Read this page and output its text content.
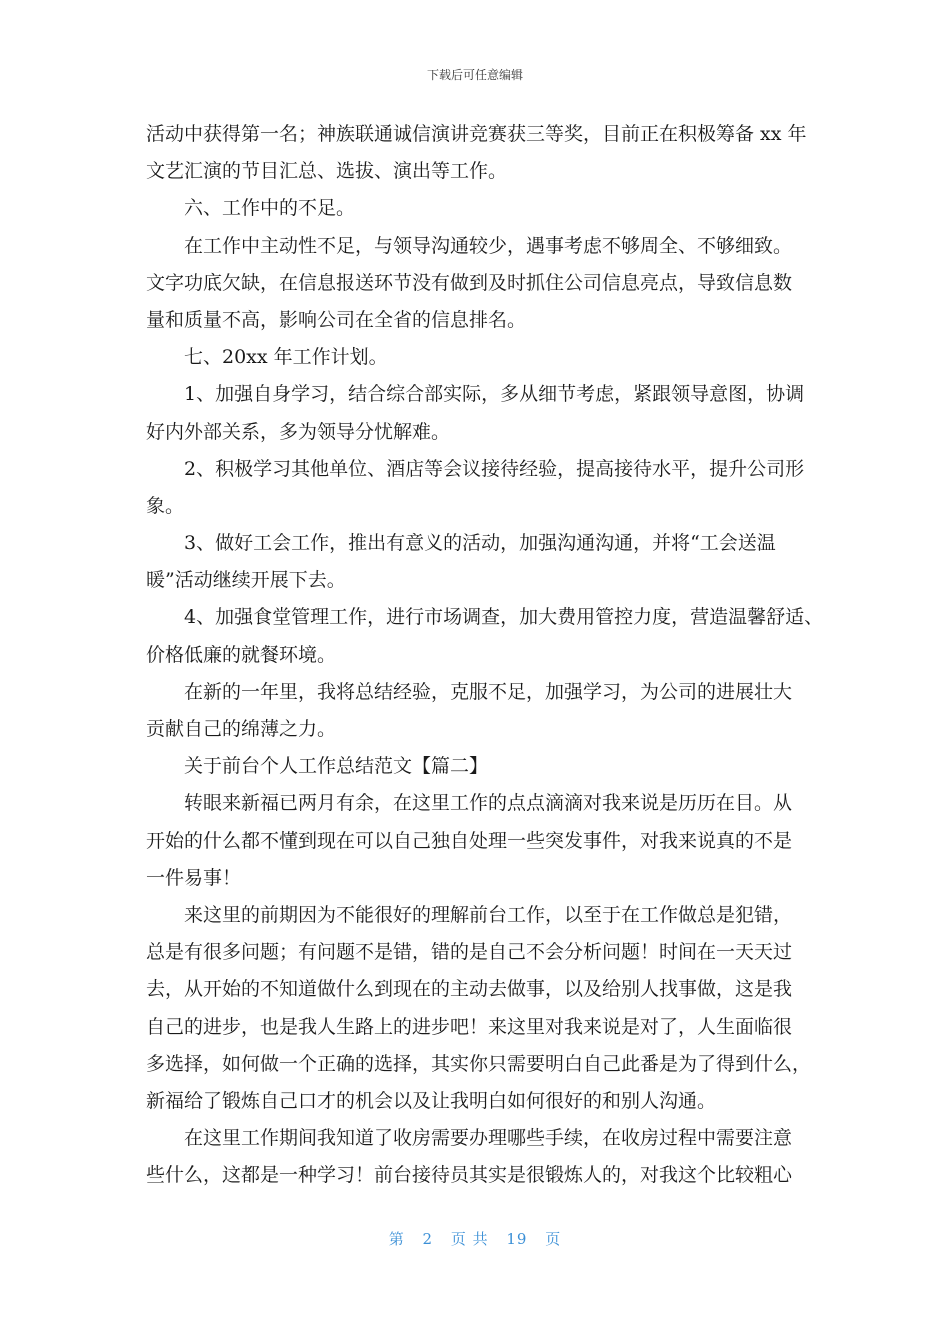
下载后可任意编辑
活动中获得第一名；神族联通诚信演讲竞赛获三等奖，目前正在积极筹备 xx 年
文艺汇演的节目汇总、选拔、演出等工作。
六、工作中的不足。
在工作中主动性不足，与领导沟通较少，遇事考虑不够周全、不够细致。
文字功底欠缺，在信息报送环节没有做到及时抓住公司信息亮点，导致信息数
量和质量不高，影响公司在全省的信息排名。
七、20xx 年工作计划。
1、加强自身学习，结合综合部实际，多从细节考虑，紧跟领导意图，协调
好内外部关系，多为领导分忧解难。
2、积极学习其他单位、酒店等会议接待经验，提高接待水平，提升公司形
象。
3、做好工会工作，推出有意义的活动，加强沟通沟通，并将“工会送温
暖”活动继续开展下去。
4、加强食堂管理工作，进行市场调查，加大费用管控力度，营造温馨舒适、
价格低廉的就餐环境。
在新的一年里，我将总结经验，克服不足，加强学习，为公司的进展壮大
贡献自己的绵薄之力。
关于前台个人工作总结范文【篇二】
转眼来新福已两月有余，在这里工作的点点滴滴对我来说是历历在目。从
开始的什么都不懂到现在可以自己独自处理一些突发事件，对我来说真的不是
一件易事！
来这里的前期因为不能很好的理解前台工作，以至于在工作做总是犯错，
总是有很多问题；有问题不是错，错的是自己不会分析问题！时间在一天天过
去，从开始的不知道做什么到现在的主动去做事，以及给别人找事做，这是我
自己的进步，也是我人生路上的进步吧！来这里对我来说是对了，人生面临很
多选择，如何做一个正确的选择，其实你只需要明白自己此番是为了得到什么，
新福给了锻炼自己口才的机会以及让我明白如何很好的和别人沟通。
在这里工作期间我知道了收房需要办理哪些手续，在收房过程中需要注意
些什么，这都是一种学习！前台接待员其实是很锻炼人的，对我这个比较粗心
第 2 页 共 19 页
